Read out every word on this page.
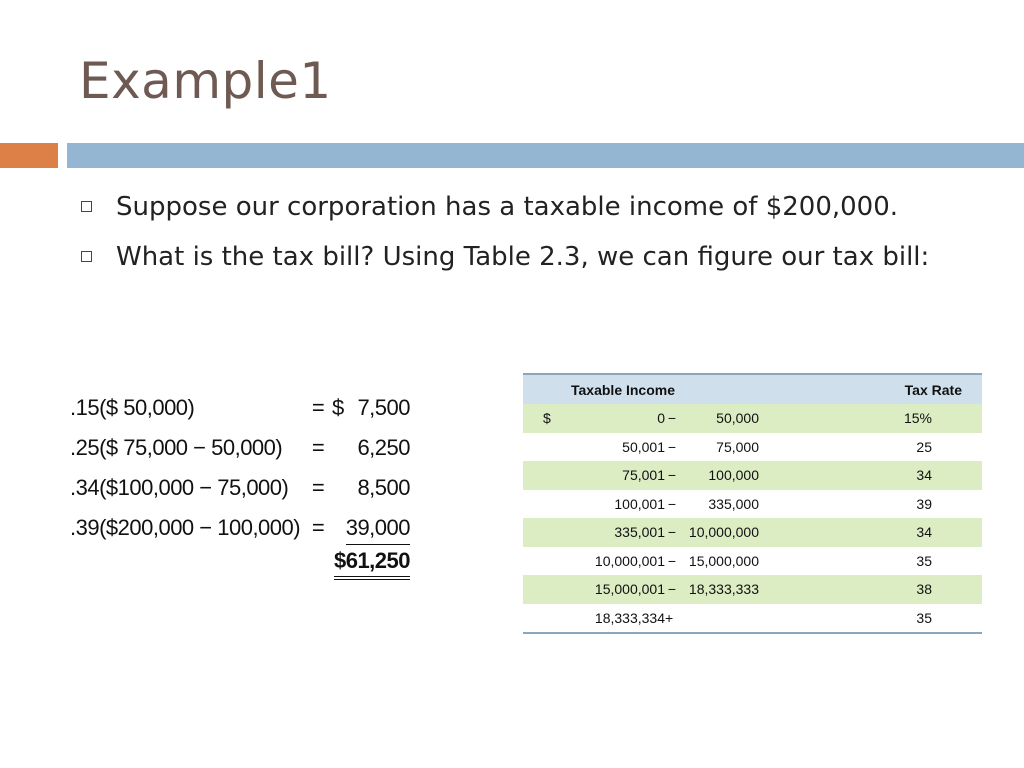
Example1
Suppose our corporation has a taxable income of $200,000.
What is the tax bill? Using Table 2.3, we can figure our tax bill:
.15($ 50,000)	= $ 7,500
.25($ 75,000 − 50,000) = 6,250
.34($100,000 − 75,000) = 8,500
.39($200,000 − 100,000) = 39,000
$61,250
Taxable Income				Tax Rate
$	0	−	50,000	15%
	50,001	−	75,000	25
	75,001	−	100,000	34
	100,001	−	335,000	39
	335,001	−	10,000,000	34
	10,000,001	−	15,000,000	35
	15,000,001	−	18,333,333	38
	18,333,334	+		35
